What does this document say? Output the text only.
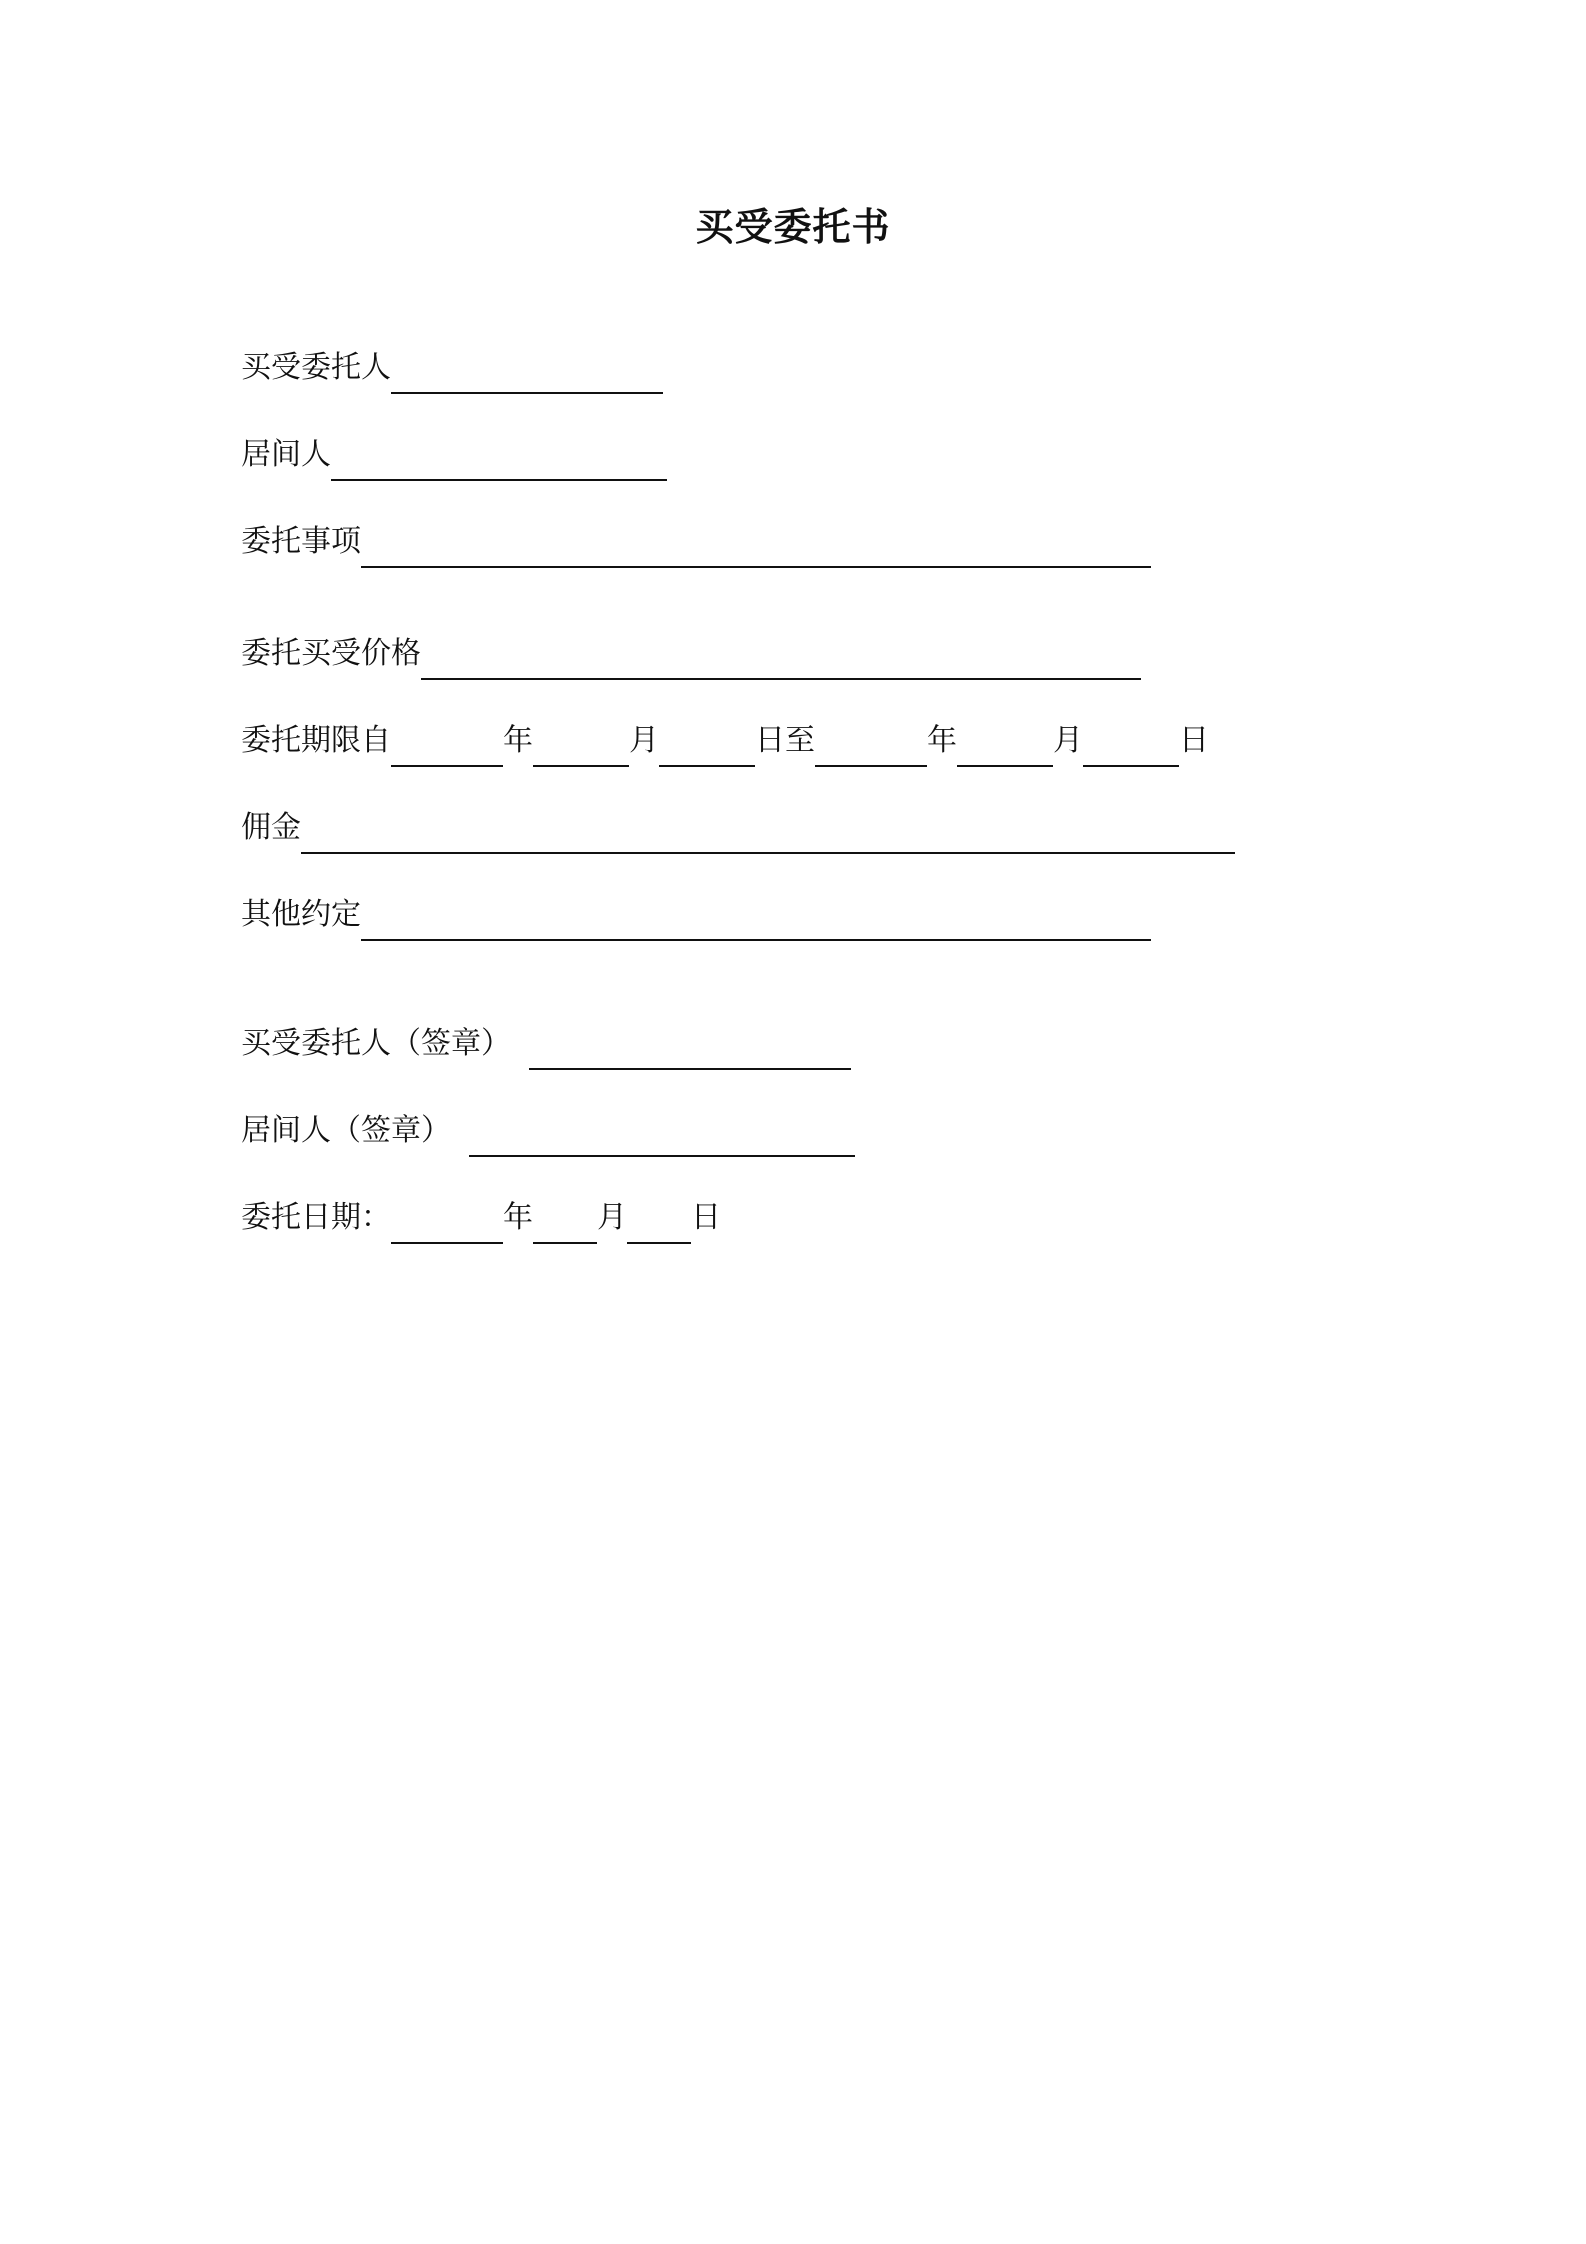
买受委托书
买受委托人
居间人
委托事项
委托买受价格
委托期限自	年	月	日至	年	月	日
佣金
其他约定
买受委托人（签章）
居间人（签章）
委托日期：	年 月 日
